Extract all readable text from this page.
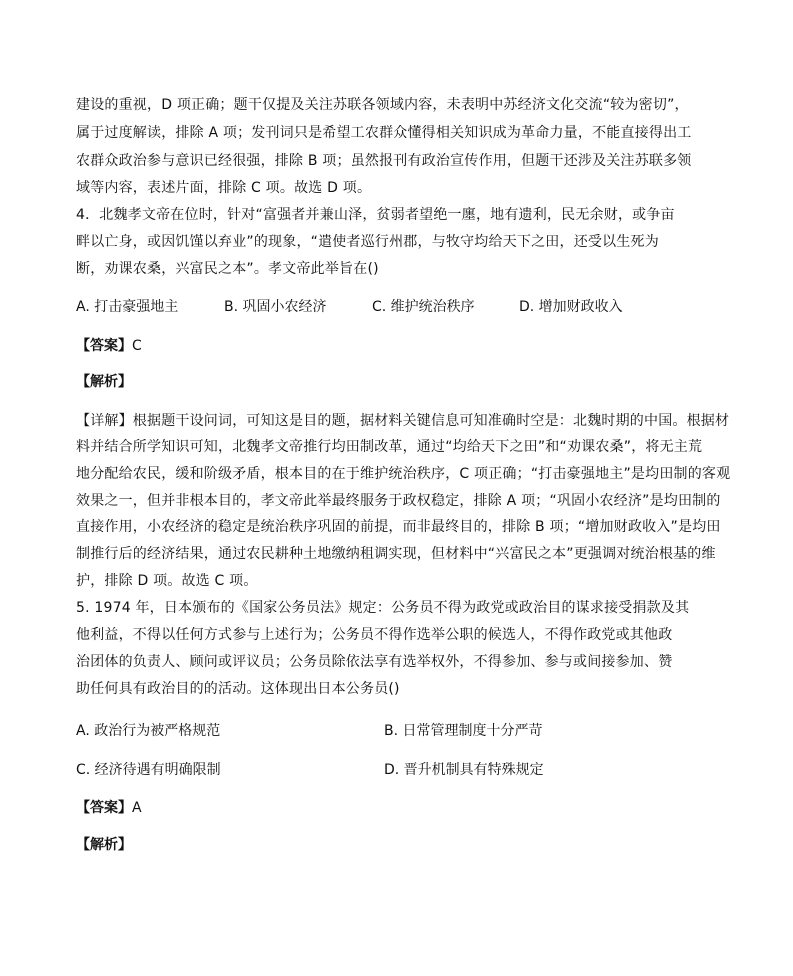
建设的重视，D 项正确；题干仅提及关注苏联各领域内容，未表明中苏经济文化交流“较为密切”，
属于过度解读，排除 A 项；发刊词只是希望工农群众懂得相关知识成为革命力量，不能直接得出工
农群众政治参与意识已经很强，排除 B 项；虽然报刊有政治宣传作用，但题干还涉及关注苏联多领
域等内容，表述片面，排除 C 项。故选 D 项。
4．北魏孝文帝在位时，针对“富强者并兼山泽，贫弱者望绝一廛，地有遗利，民无余财，或争亩
畔以亡身，或因饥馑以弃业”的现象，“遣使者巡行州郡，与牧守均给天下之田，还受以生死为
断，劝课农桑，兴富民之本”。孝文帝此举旨在()
A. 打击豪强地主	B. 巩固小农经济	C. 维护统治秩序	D. 增加财政收入
【答案】C
【解析】
【详解】根据题干设问词，可知这是目的题，据材料关键信息可知准确时空是：北魏时期的中国。根据材
料并结合所学知识可知，北魏孝文帝推行均田制改革，通过“均给天下之田”和“劝课农桑”，将无主荒
地分配给农民，缓和阶级矛盾，根本目的在于维护统治秩序，C 项正确；“打击豪强地主”是均田制的客观
效果之一，但并非根本目的，孝文帝此举最终服务于政权稳定，排除 A 项；“巩固小农经济”是均田制的
直接作用，小农经济的稳定是统治秩序巩固的前提，而非最终目的，排除 B 项；“增加财政收入”是均田
制推行后的经济结果，通过农民耕种土地缴纳租调实现，但材料中“兴富民之本”更强调对统治根基的维
护，排除 D 项。故选 C 项。
5. 1974 年，日本颁布的《国家公务员法》规定：公务员不得为政党或政治目的谋求接受捐款及其
他利益，不得以任何方式参与上述行为；公务员不得作选举公职的候选人，不得作政党或其他政
治团体的负责人、顾问或评议员；公务员除依法享有选举权外，不得参加、参与或间接参加、赞
助任何具有政治目的的活动。这体现出日本公务员()
A. 政治行为被严格规范	B. 日常管理制度十分严苛
C. 经济待遇有明确限制	D. 晋升机制具有特殊规定
【答案】A
【解析】
